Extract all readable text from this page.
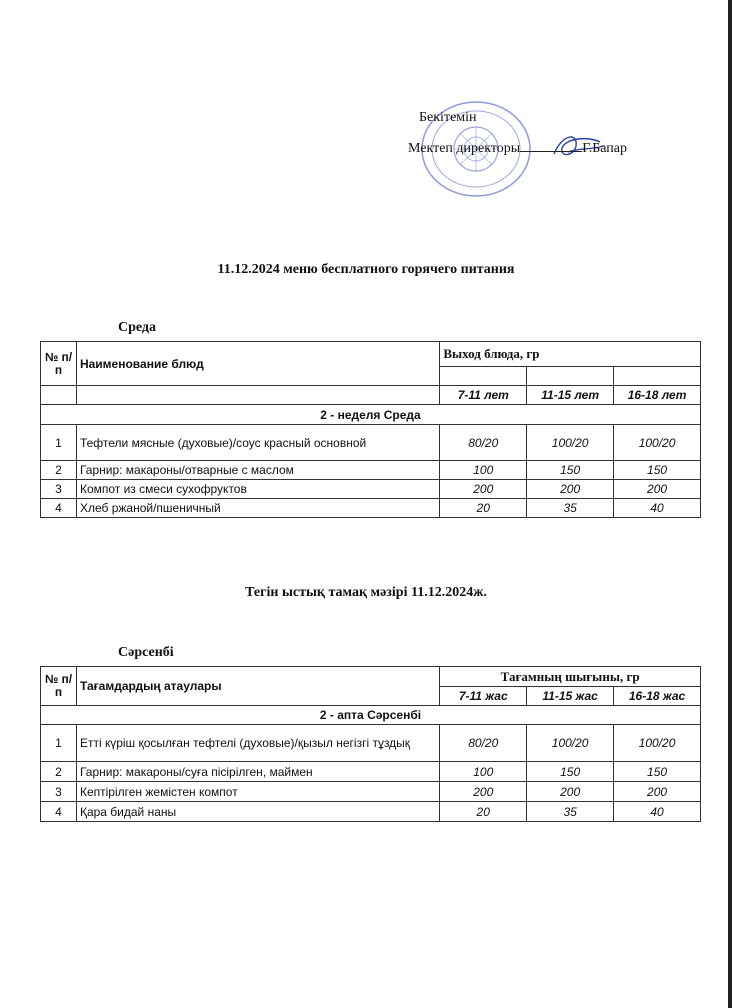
Бекітемін
Мектеп директоры	Г.Бапар
11.12.2024 меню бесплатного горячего питания
Среда
№ п/п	Наименование блюд	Выход блюда, гр		

		7-11 лет	11-15 лет	16-18 лет
2 - неделя Среда				
1	Тефтели мясные (духовые)/соус красный основной	80/20	100/20	100/20
2	Гарнир: макароны/отварные с маслом	100	150	150
3	Компот из смеси сухофруктов	200	200	200
4	Хлеб ржаной/пшеничный	20	35	40
Тегін ыстық тамақ мәзірі 11.12.2024ж.
Сәрсенбі
№ п/п	Тағамдардың атаулары	Тағамның шығыны, гр		
		7-11 жас	11-15 жас	16-18 жас
2 - апта Сәрсенбі				
1	Етті күріш қосылған тефтелі (духовые)/қызыл негізгі тұздық	80/20	100/20	100/20
2	Гарнир: макароны/суға пісірілген, маймен	100	150	150
3	Кептірілген жемістен компот	200	200	200
4	Қара бидай наны	20	35	40
